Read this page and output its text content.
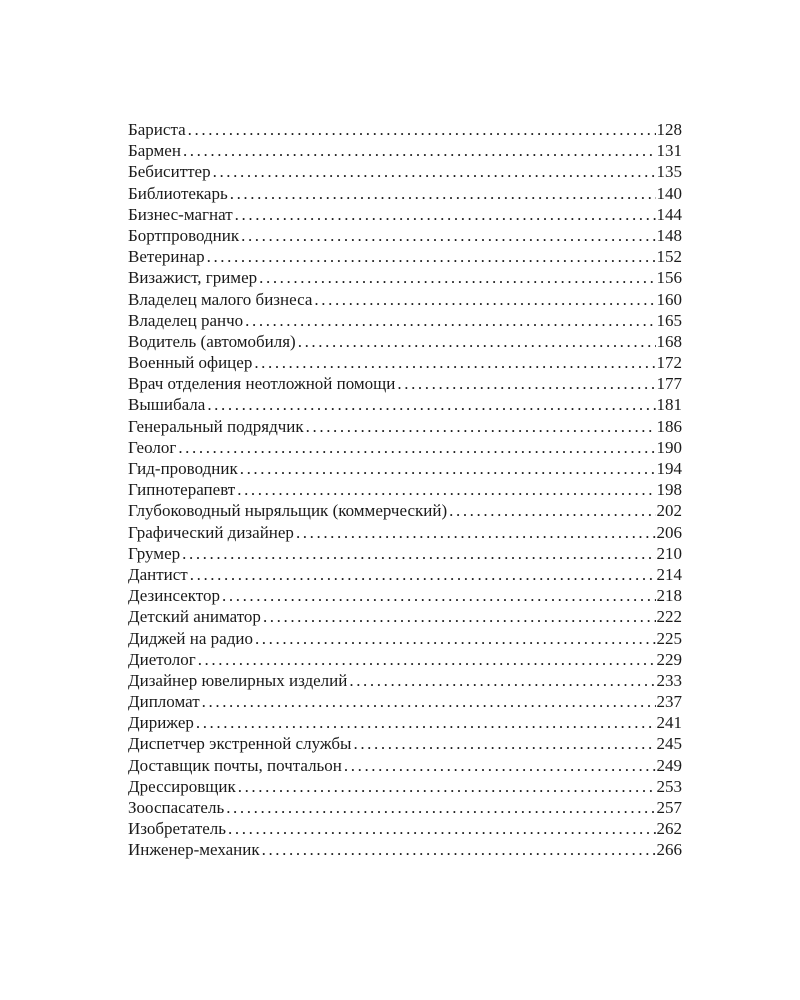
Бариста .....	128
Бармен .....	131
Бебиситтер .....	135
Библиотекарь .....	140
Бизнес-магнат .....	144
Бортпроводник .....	148
Ветеринар .....	152
Визажист, гример .....	156
Владелец малого бизнеса .....	160
Владелец ранчо .....	165
Водитель (автомобиля) .....	168
Военный офицер .....	172
Врач отделения неотложной помощи .....	177
Вышибала .....	181
Генеральный подрядчик .....	186
Геолог .....	190
Гид-проводник .....	194
Гипнотерапевт .....	198
Глубоководный ныряльщик (коммерческий) .....	202
Графический дизайнер .....	206
Грумер .....	210
Дантист .....	214
Дезинсектор .....	218
Детский аниматор .....	222
Диджей на радио .....	225
Диетолог .....	229
Дизайнер ювелирных изделий .....	233
Дипломат .....	237
Дирижер .....	241
Диспетчер экстренной службы .....	245
Доставщик почты, почтальон .....	249
Дрессировщик .....	253
Зооспасатель .....	257
Изобретатель .....	262
Инженер-механик .....	266
